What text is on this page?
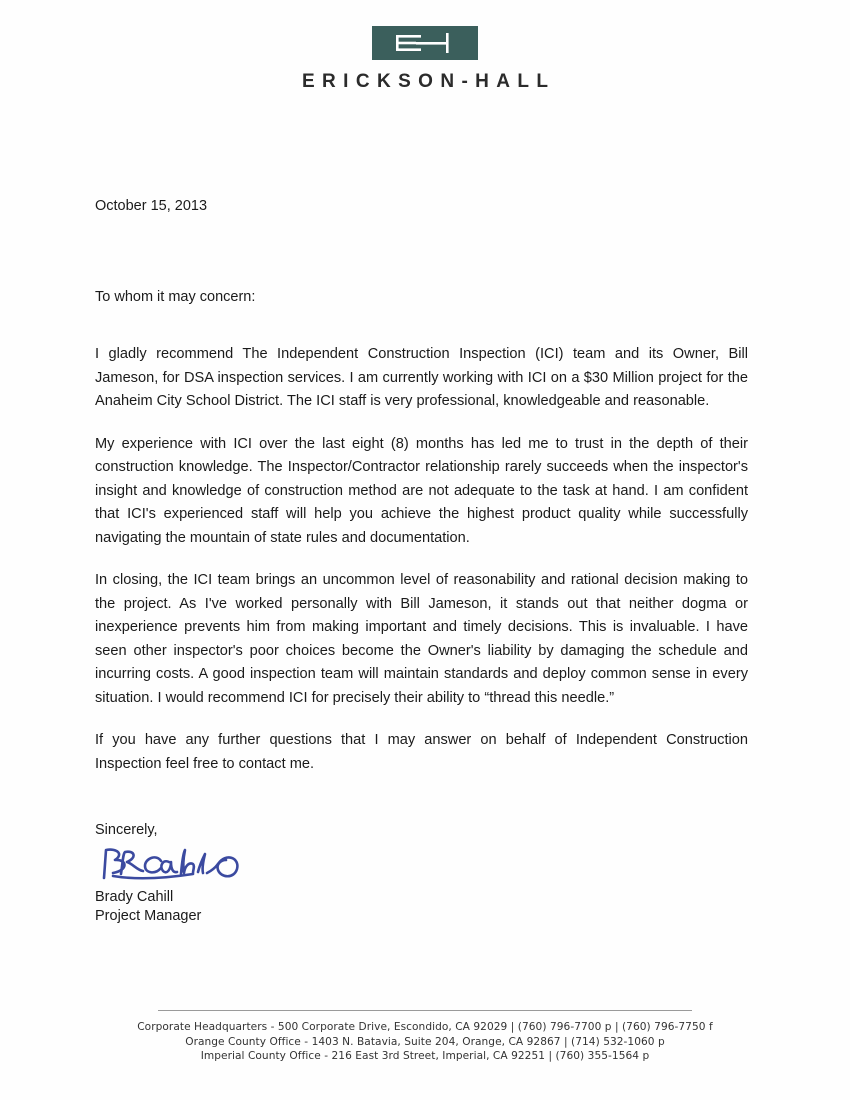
ERICKSON-HALL

October 15, 2013

To whom it may concern:

I gladly recommend The Independent Construction Inspection (ICI) team and its Owner, Bill Jameson, for DSA inspection services. I am currently working with ICI on a $30 Million project for the Anaheim City School District. The ICI staff is very professional, knowledgeable and reasonable.

My experience with ICI over the last eight (8) months has led me to trust in the depth of their construction knowledge. The Inspector/Contractor relationship rarely succeeds when the inspector's insight and knowledge of construction method are not adequate to the task at hand. I am confident that ICI's experienced staff will help you achieve the highest product quality while successfully navigating the mountain of state rules and documentation.

In closing, the ICI team brings an uncommon level of reasonability and rational decision making to the project. As I've worked personally with Bill Jameson, it stands out that neither dogma or inexperience prevents him from making important and timely decisions. This is invaluable. I have seen other inspector's poor choices become the Owner's liability by damaging the schedule and incurring costs. A good inspection team will maintain standards and deploy common sense in every situation. I would recommend ICI for precisely their ability to “thread this needle.”

If you have any further questions that I may answer on behalf of Independent Construction Inspection feel free to contact me.

Sincerely,

Brady Cahill

Project Manager

Corporate Headquarters - 500 Corporate Drive, Escondido, CA 92029 | (760) 796-7700 p | (760) 796-7750 f
Orange County Office - 1403 N. Batavia, Suite 204, Orange, CA 92867 | (714) 532-1060 p
Imperial County Office - 216 East 3rd Street, Imperial, CA 92251 | (760) 355-1564 p
